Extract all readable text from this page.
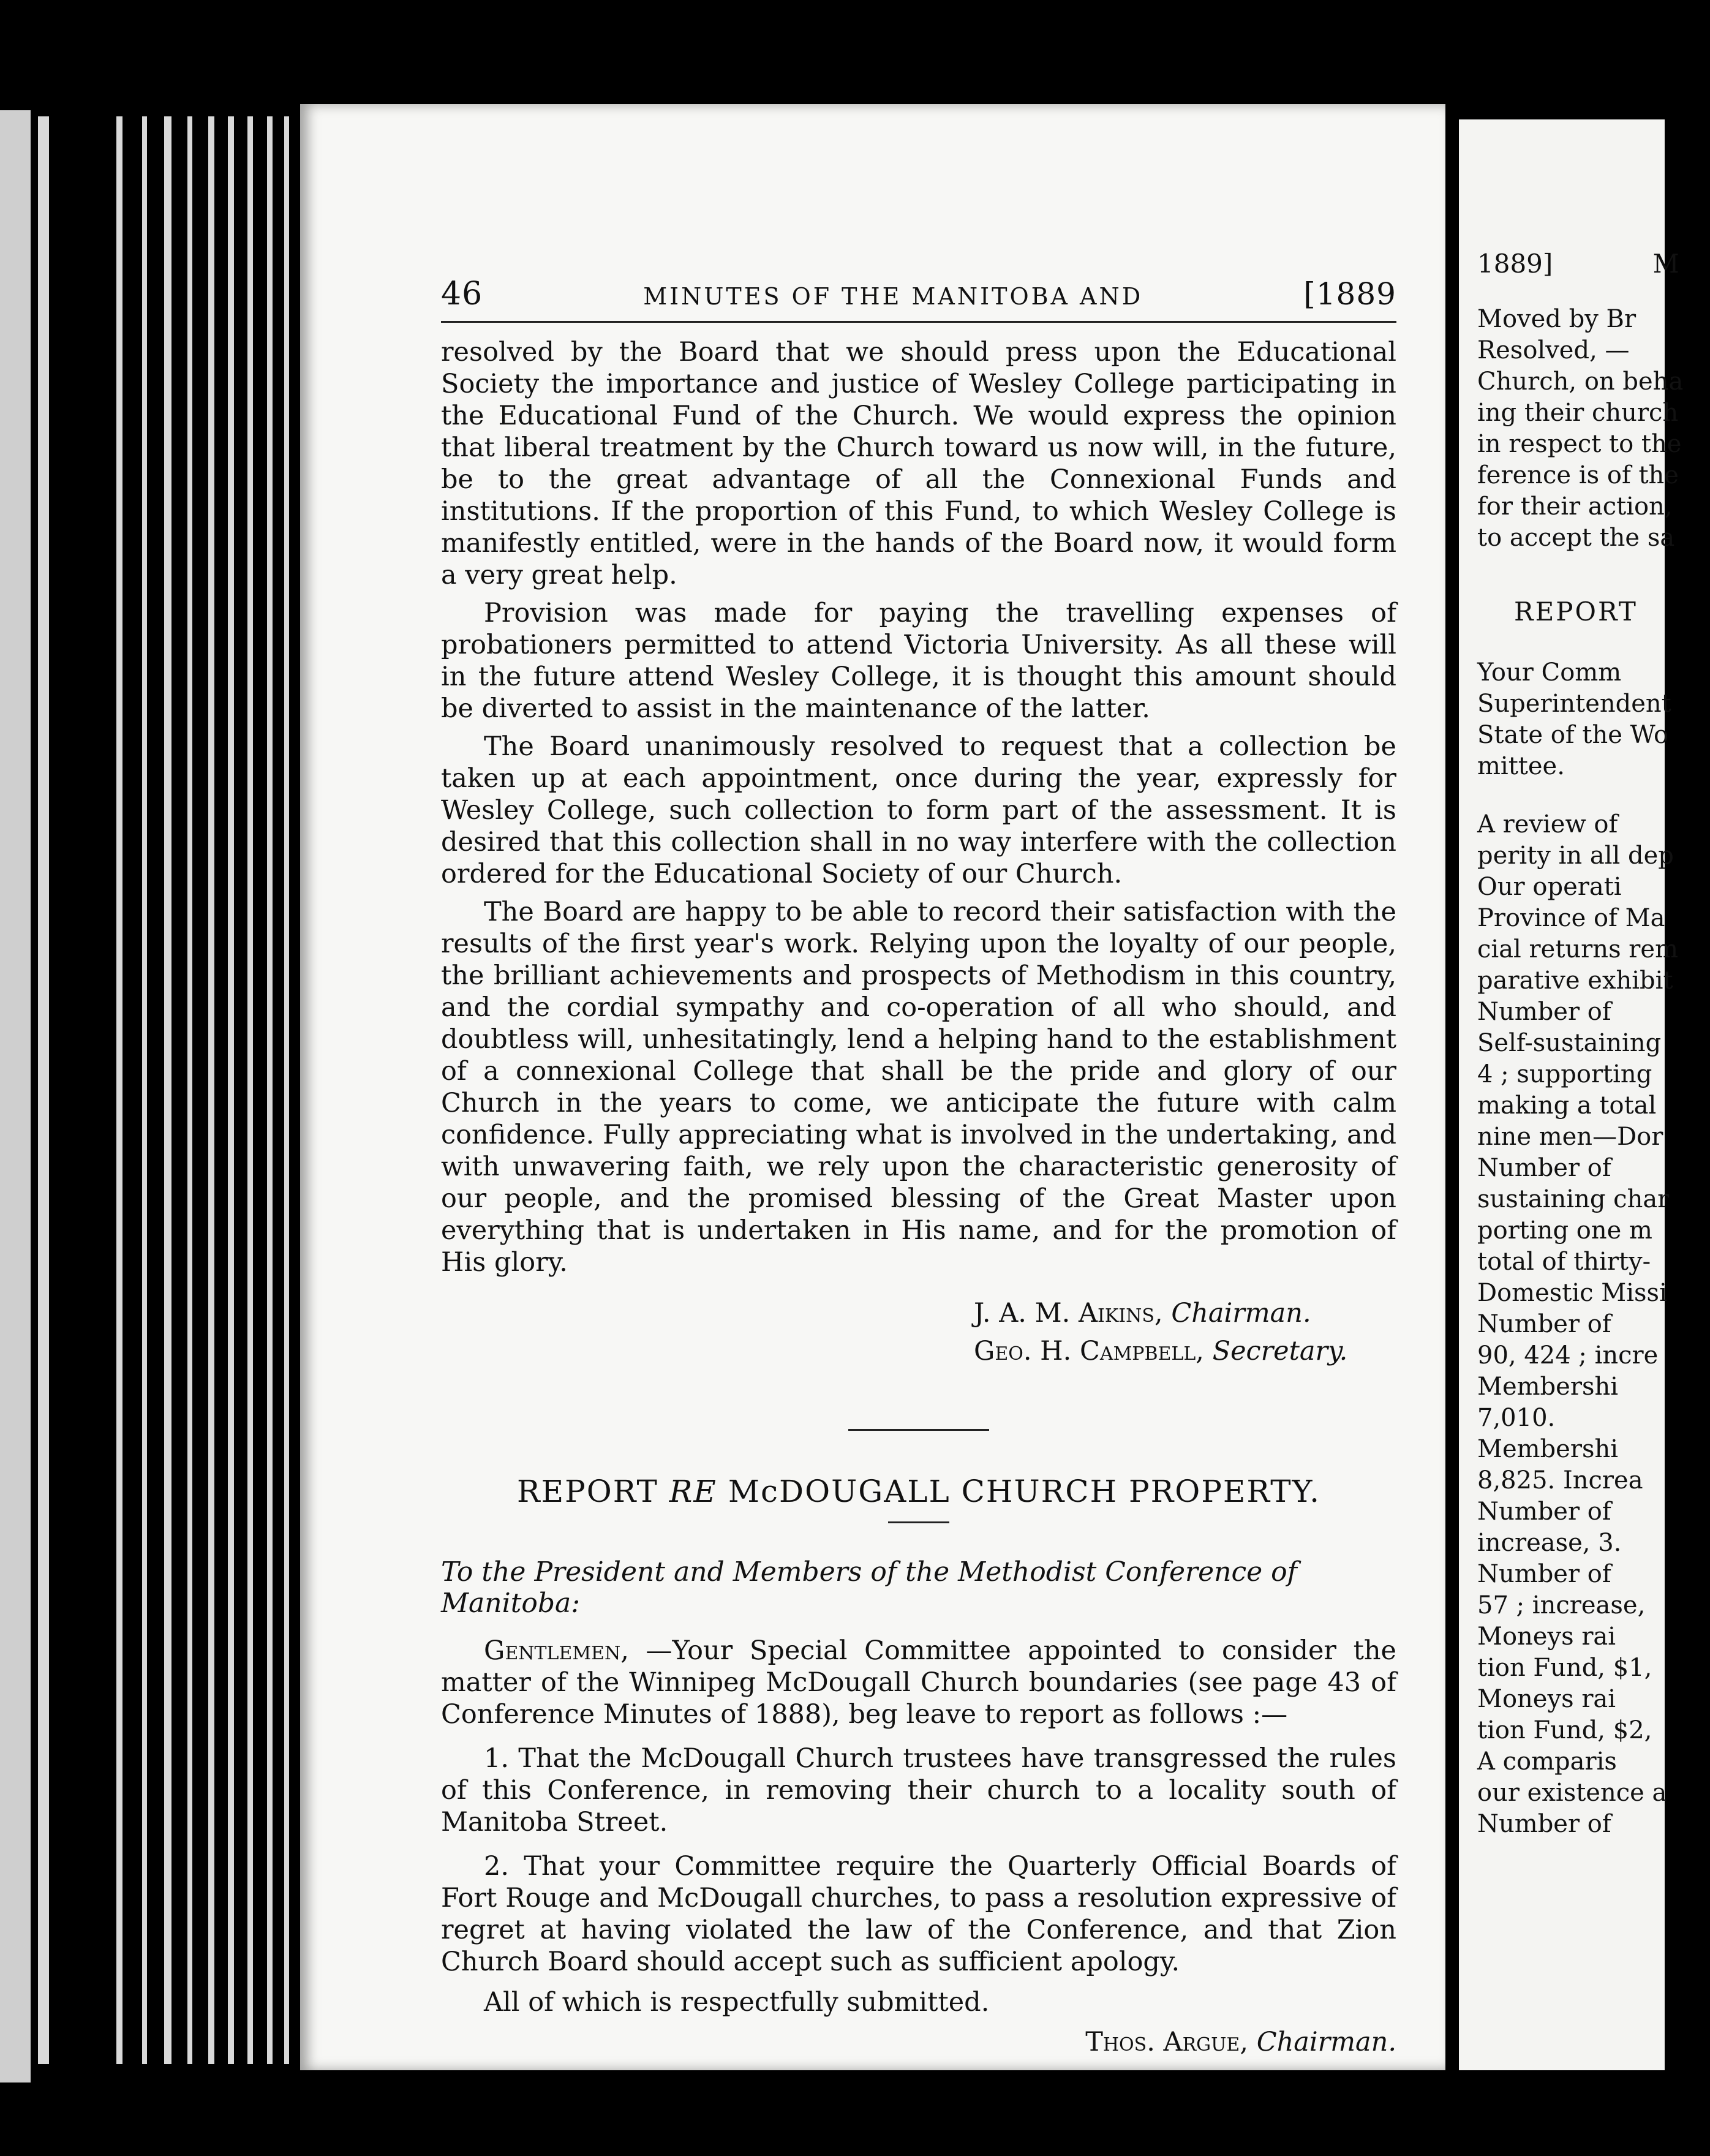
46	MINUTES OF THE MANITOBA AND	[1889

resolved by the Board that we should press upon the Educational Society the importance and justice of Wesley College participating in the Educational Fund of the Church. We would express the opinion that liberal treatment by the Church toward us now will, in the future, be to the great advantage of all the Connexional Funds and institutions. If the proportion of this Fund, to which Wesley College is manifestly entitled, were in the hands of the Board now, it would form a very great help.

Provision was made for paying the travelling expenses of probationers permitted to attend Victoria University. As all these will in the future attend Wesley College, it is thought this amount should be diverted to assist in the maintenance of the latter.

The Board unanimously resolved to request that a collection be taken up at each appointment, once during the year, expressly for Wesley College, such collection to form part of the assessment. It is desired that this collection shall in no way interfere with the collection ordered for the Educational Society of our Church.

The Board are happy to be able to record their satisfaction with the results of the first year's work. Relying upon the loyalty of our people, the brilliant achievements and prospects of Methodism in this country, and the cordial sympathy and co-operation of all who should, and doubtless will, unhesitatingly, lend a helping hand to the establishment of a connexional College that shall be the pride and glory of our Church in the years to come, we anticipate the future with calm confidence. Fully appreciating what is involved in the undertaking, and with unwavering faith, we rely upon the characteristic generosity of our people, and the promised blessing of the Great Master upon everything that is undertaken in His name, and for the promotion of His glory.

J. A. M. Aikins, Chairman.
Geo. H. Campbell, Secretary.
REPORT RE McDOUGALL CHURCH PROPERTY.
To the President and Members of the Methodist Conference of Manitoba:

Gentlemen, —Your Special Committee appointed to consider the matter of the Winnipeg McDougall Church boundaries (see page 43 of Conference Minutes of 1888), beg leave to report as follows :—

1. That the McDougall Church trustees have transgressed the rules of this Conference, in removing their church to a locality south of Manitoba Street.

2. That your Committee require the Quarterly Official Boards of Fort Rouge and McDougall churches, to pass a resolution expressive of regret at having violated the law of the Conference, and that Zion Church Board should accept such as sufficient apology.

All of which is respectfully submitted.
Thos. Argue, Chairman.
1889]	M
Moved by Br
Resolved, —
Church, on beha
ing their church
in respect to the
ference is of the
for their action,
to accept the sa
REPORT
Your Comm
Superintendent
State of the Wo
mittee.
A review of
perity in all dep
Our operati
Province of Ma
cial returns rem
parative exhibit
Number of
Self-sustaining
4 ; supporting
making a total
nine men—Dor
Number of
sustaining char
porting one m
total of thirty-
Domestic Missi
Number of
90, 424 ; incre
Membershi
7,010.
Membershi
8,825. Increa
Number of
increase, 3.
Number of
57 ; increase,
Moneys rai
tion Fund, $1,
Moneys rai
tion Fund, $2,
A comparis
our existence a
Number of
